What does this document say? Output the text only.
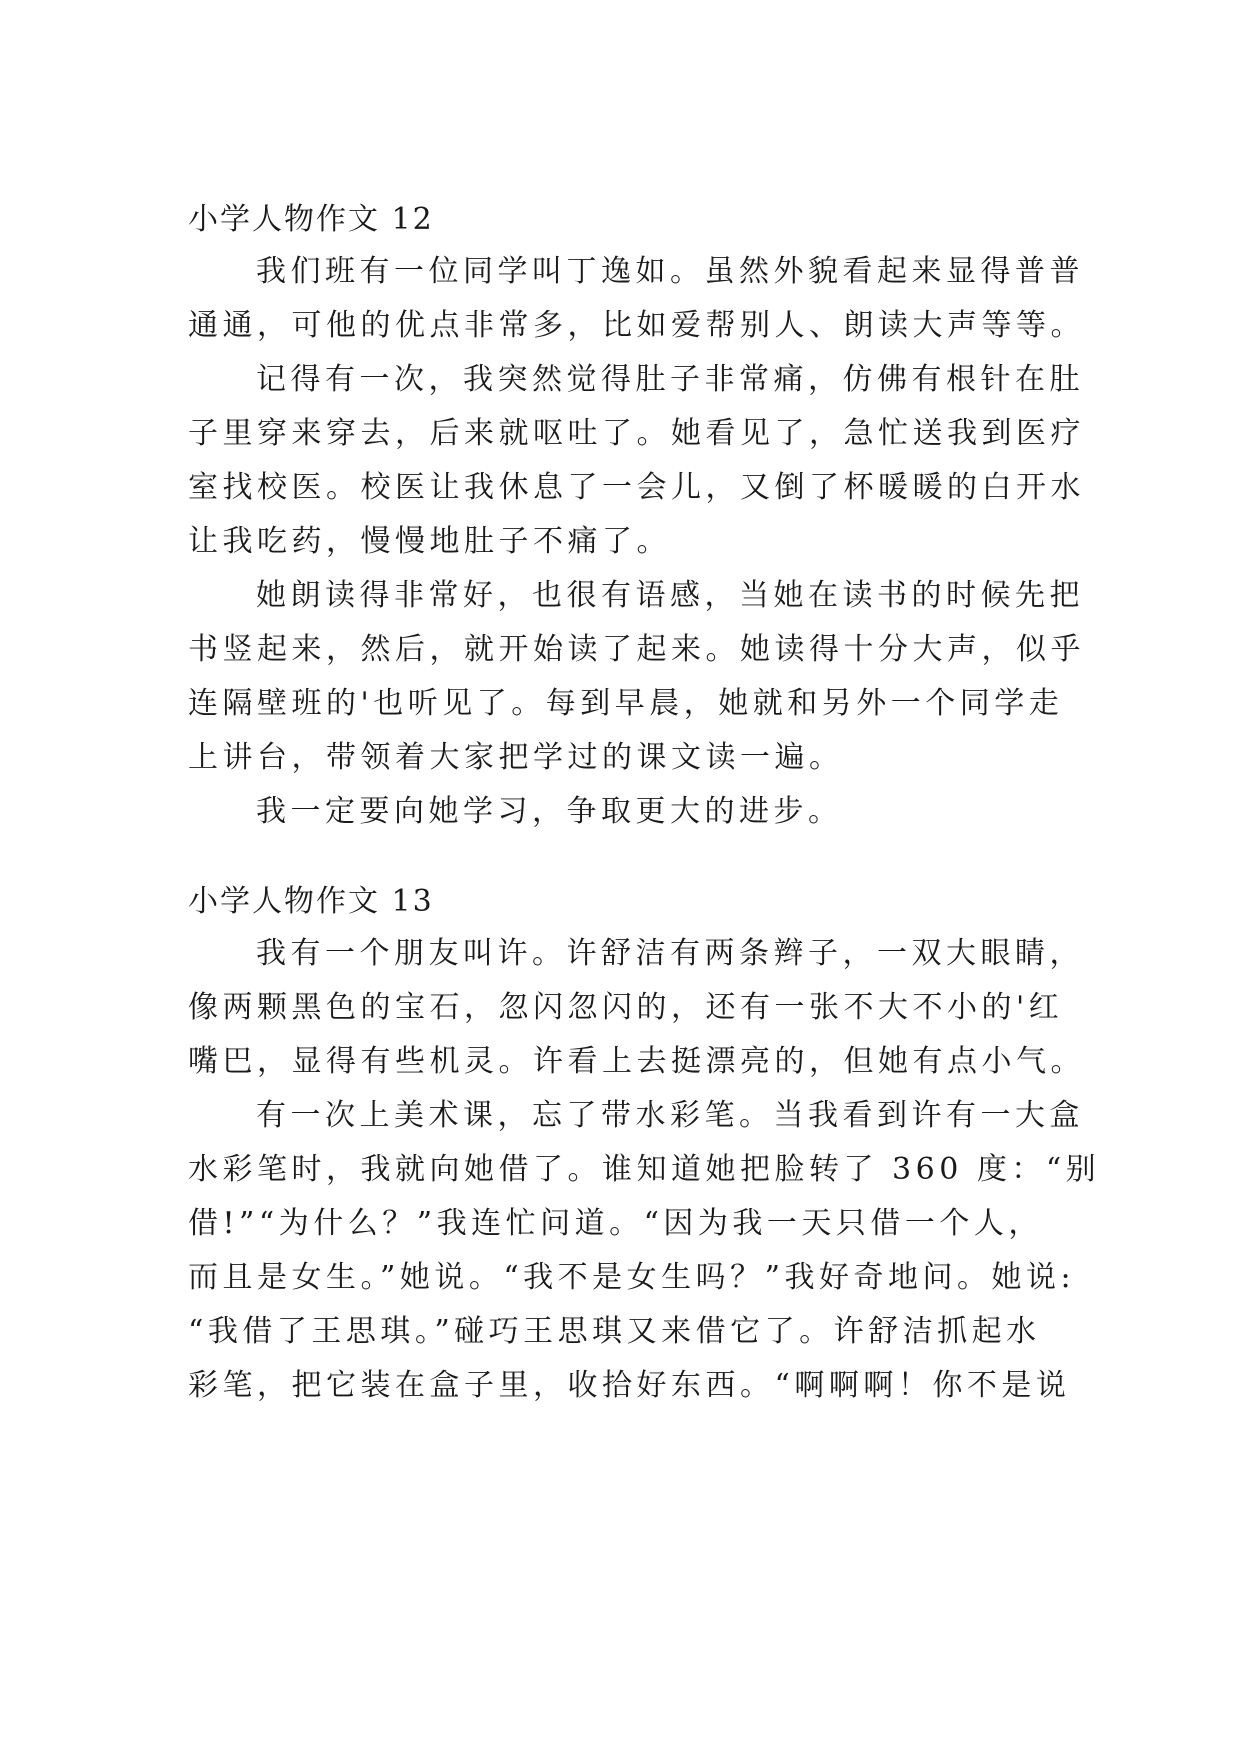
小学人物作文 12
我们班有一位同学叫丁逸如。虽然外貌看起来显得普普
通通，可他的优点非常多，比如爱帮别人、朗读大声等等。
记得有一次，我突然觉得肚子非常痛，仿佛有根针在肚
子里穿来穿去，后来就呕吐了。她看见了，急忙送我到医疗
室找校医。校医让我休息了一会儿，又倒了杯暖暖的白开水
让我吃药，慢慢地肚子不痛了。
她朗读得非常好，也很有语感，当她在读书的时候先把
书竖起来，然后，就开始读了起来。她读得十分大声，似乎
连隔壁班的'也听见了。每到早晨，她就和另外一个同学走
上讲台，带领着大家把学过的课文读一遍。
我一定要向她学习，争取更大的进步。
小学人物作文 13
我有一个朋友叫许。许舒洁有两条辫子，一双大眼睛，
像两颗黑色的宝石，忽闪忽闪的，还有一张不大不小的'红
嘴巴，显得有些机灵。许看上去挺漂亮的，但她有点小气。
有一次上美术课，忘了带水彩笔。当我看到许有一大盒
水彩笔时，我就向她借了。谁知道她把脸转了 360 度：“别
借!”“为什么？”我连忙问道。“因为我一天只借一个人，
而且是女生。”她说。“我不是女生吗？”我好奇地问。她说:
“我借了王思琪。”碰巧王思琪又来借它了。许舒洁抓起水
彩笔，把它装在盒子里，收拾好东西。“啊啊啊！你不是说
